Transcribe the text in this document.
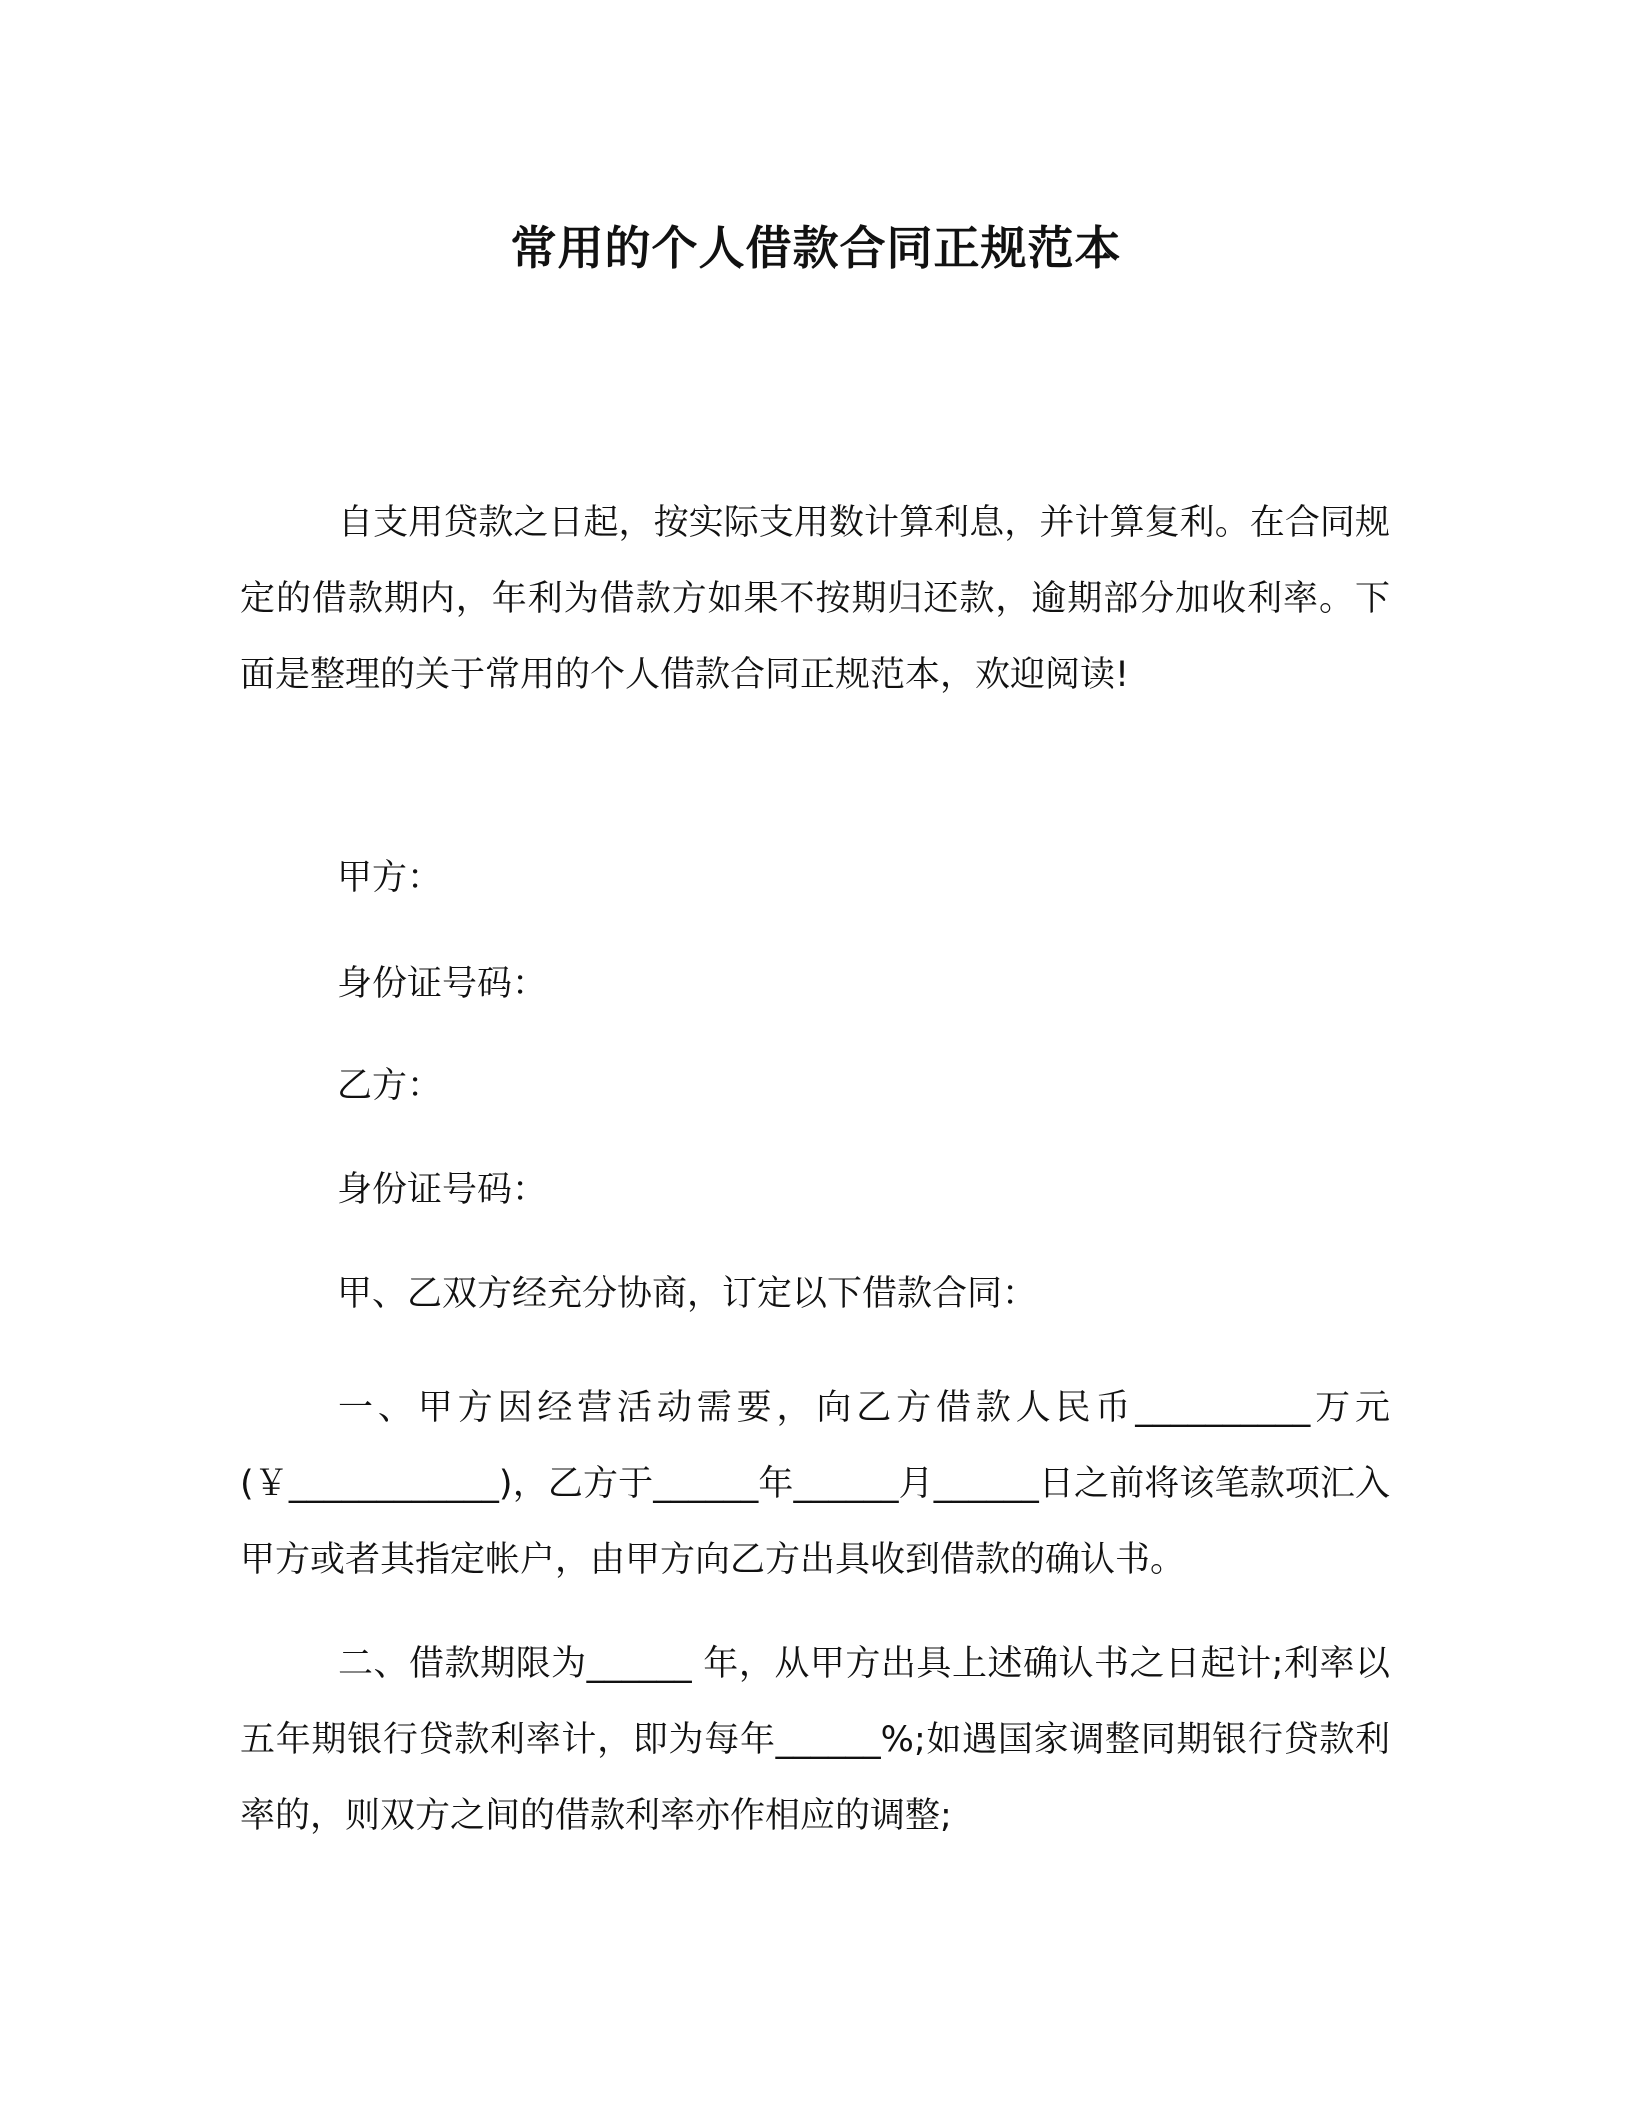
常用的个人借款合同正规范本

自支用贷款之日起，按实际支用数计算利息，并计算复利。在合同规定的借款期内，年利为借款方如果不按期归还款，逾期部分加收利率。下面是整理的关于常用的个人借款合同正规范本，欢迎阅读!

甲方：

身份证号码：

乙方：

身份证号码：

甲、乙双方经充分协商，订定以下借款合同：

一、甲方因经营活动需要，向乙方借款人民币__________万元(￥____________)，乙方于______年______月______日之前将该笔款项汇入甲方或者其指定帐户，由甲方向乙方出具收到借款的确认书。

二、借款期限为______ 年，从甲方出具上述确认书之日起计;利率以五年期银行贷款利率计，即为每年______%;如遇国家调整同期银行贷款利率的，则双方之间的借款利率亦作相应的调整;
